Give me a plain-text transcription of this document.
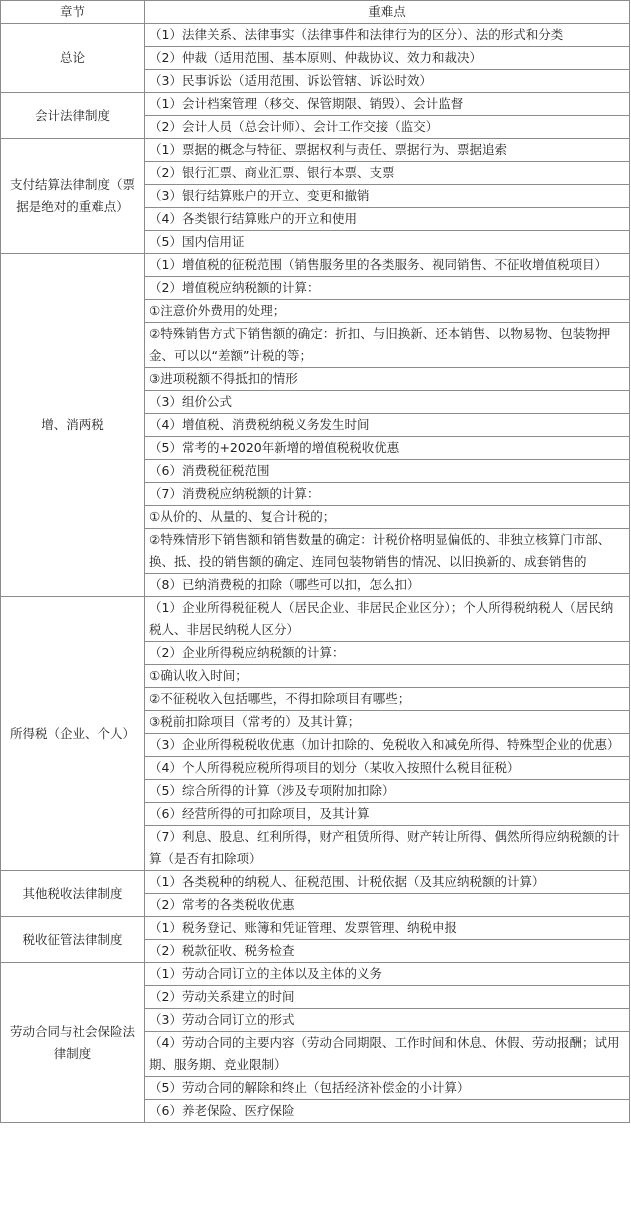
章节	重难点
总论	（1）法律关系、法律事实（法律事件和法律行为的区分）、法的形式和分类
	（2）仲裁（适用范围、基本原则、仲裁协议、效力和裁决）
	（3）民事诉讼（适用范围、诉讼管辖、诉讼时效）
会计法律制度	（1）会计档案管理（移交、保管期限、销毁）、会计监督
	（2）会计人员（总会计师）、会计工作交接（监交）
支付结算法律制度（票据是绝对的重难点）	（1）票据的概念与特征、票据权利与责任、票据行为、票据追索
	（2）银行汇票、商业汇票、银行本票、支票
	（3）银行结算账户的开立、变更和撤销
	（4）各类银行结算账户的开立和使用
	（5）国内信用证
增、消两税	（1）增值税的征税范围（销售服务里的各类服务、视同销售、不征收增值税项目）
	（2）增值税应纳税额的计算：
	①注意价外费用的处理；
	②特殊销售方式下销售额的确定：折扣、与旧换新、还本销售、以物易物、包装物押金、可以以“差额”计税的等；
	③进项税额不得抵扣的情形
	（3）组价公式
	（4）增值税、消费税纳税义务发生时间
	（5）常考的+2020年新增的增值税税收优惠
	（6）消费税征税范围
	（7）消费税应纳税额的计算：
	①从价的、从量的、复合计税的；
	②特殊情形下销售额和销售数量的确定：计税价格明显偏低的、非独立核算门市部、换、抵、投的销售额的确定、连同包装物销售的情况、以旧换新的、成套销售的
	（8）已纳消费税的扣除（哪些可以扣，怎么扣）
所得税（企业、个人）	（1）企业所得税征税人（居民企业、非居民企业区分）；个人所得税纳税人（居民纳税人、非居民纳税人区分）
	（2）企业所得税应纳税额的计算：
	①确认收入时间；
	②不征税收入包括哪些，不得扣除项目有哪些；
	③税前扣除项目（常考的）及其计算；
	（3）企业所得税税收优惠（加计扣除的、免税收入和减免所得、特殊型企业的优惠）
	（4）个人所得税应税所得项目的划分（某收入按照什么税目征税）
	（5）综合所得的计算（涉及专项附加扣除）
	（6）经营所得的可扣除项目，及其计算
	（7）利息、股息、红利所得，财产租赁所得、财产转让所得、偶然所得应纳税额的计算（是否有扣除项）
其他税收法律制度	（1）各类税种的纳税人、征税范围、计税依据（及其应纳税额的计算）
	（2）常考的各类税收优惠
税收征管法律制度	（1）税务登记、账簿和凭证管理、发票管理、纳税申报
	（2）税款征收、税务检查
劳动合同与社会保险法律制度	（1）劳动合同订立的主体以及主体的义务
	（2）劳动关系建立的时间
	（3）劳动合同订立的形式
	（4）劳动合同的主要内容（劳动合同期限、工作时间和休息、休假、劳动报酬；试用期、服务期、竞业限制）
	（5）劳动合同的解除和终止（包括经济补偿金的小计算）
	（6）养老保险、医疗保险
